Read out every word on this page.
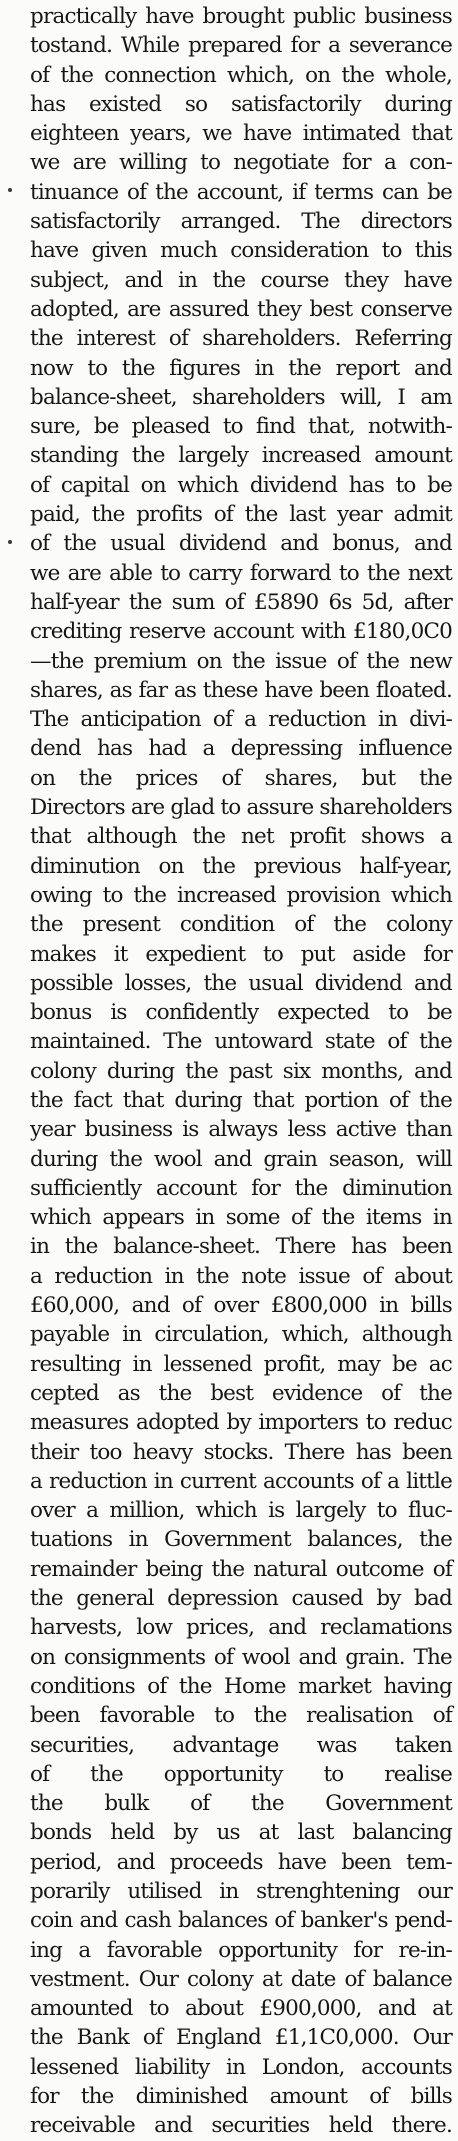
practically have brought public business
tostand. While prepared for a severance
of the connection which, on the whole,
has existed so satisfactorily during
eighteen years, we have intimated that
we are willing to negotiate for a con-
tinuance of the account, if terms can be
satisfactorily arranged. The directors
have given much consideration to this
subject, and in the course they have
adopted, are assured they best conserve
the interest of shareholders. Referring
now to the figures in the report and
balance-sheet, shareholders will, I am
sure, be pleased to find that, notwith-
standing the largely increased amount
of capital on which dividend has to be
paid, the profits of the last year admit
of the usual dividend and bonus, and
we are able to carry forward to the next
half-year the sum of £5890 6s 5d, after
crediting reserve account with £180,0C0
—the premium on the issue of the new
shares, as far as these have been floated.
The anticipation of a reduction in divi-
dend has had a depressing influence
on the prices of shares, but the
Directors are glad to assure shareholders
that although the net profit shows a
diminution on the previous half-year,
owing to the increased provision which
the present condition of the colony
makes it expedient to put aside for
possible losses, the usual dividend and
bonus is confidently expected to be
maintained. The untoward state of the
colony during the past six months, and
the fact that during that portion of the
year business is always less active than
during the wool and grain season, will
sufficiently account for the diminution
which appears in some of the items in
in the balance-sheet. There has been
a reduction in the note issue of about
£60,000, and of over £800,000 in bills
payable in circulation, which, although
resulting in lessened profit, may be ac
cepted as the best evidence of the
measures adopted by importers to reduc
their too heavy stocks. There has been
a reduction in current accounts of a little
over a million, which is largely to fluc-
tuations in Government balances, the
remainder being the natural outcome of
the general depression caused by bad
harvests, low prices, and reclamations
on consignments of wool and grain. The
conditions of the Home market having
been favorable to the realisation of
securities, advantage was taken
of the opportunity to realise
the bulk of the Government
bonds held by us at last balancing
period, and proceeds have been tem-
porarily utilised in strenghtening our
coin and cash balances of banker's pend-
ing a favorable opportunity for re-in-
vestment. Our colony at date of balance
amounted to about £900,000, and at
the Bank of England £1,1C0,000. Our
lessened liability in London, accounts
for the diminished amount of bills
receivable and securities held there.
